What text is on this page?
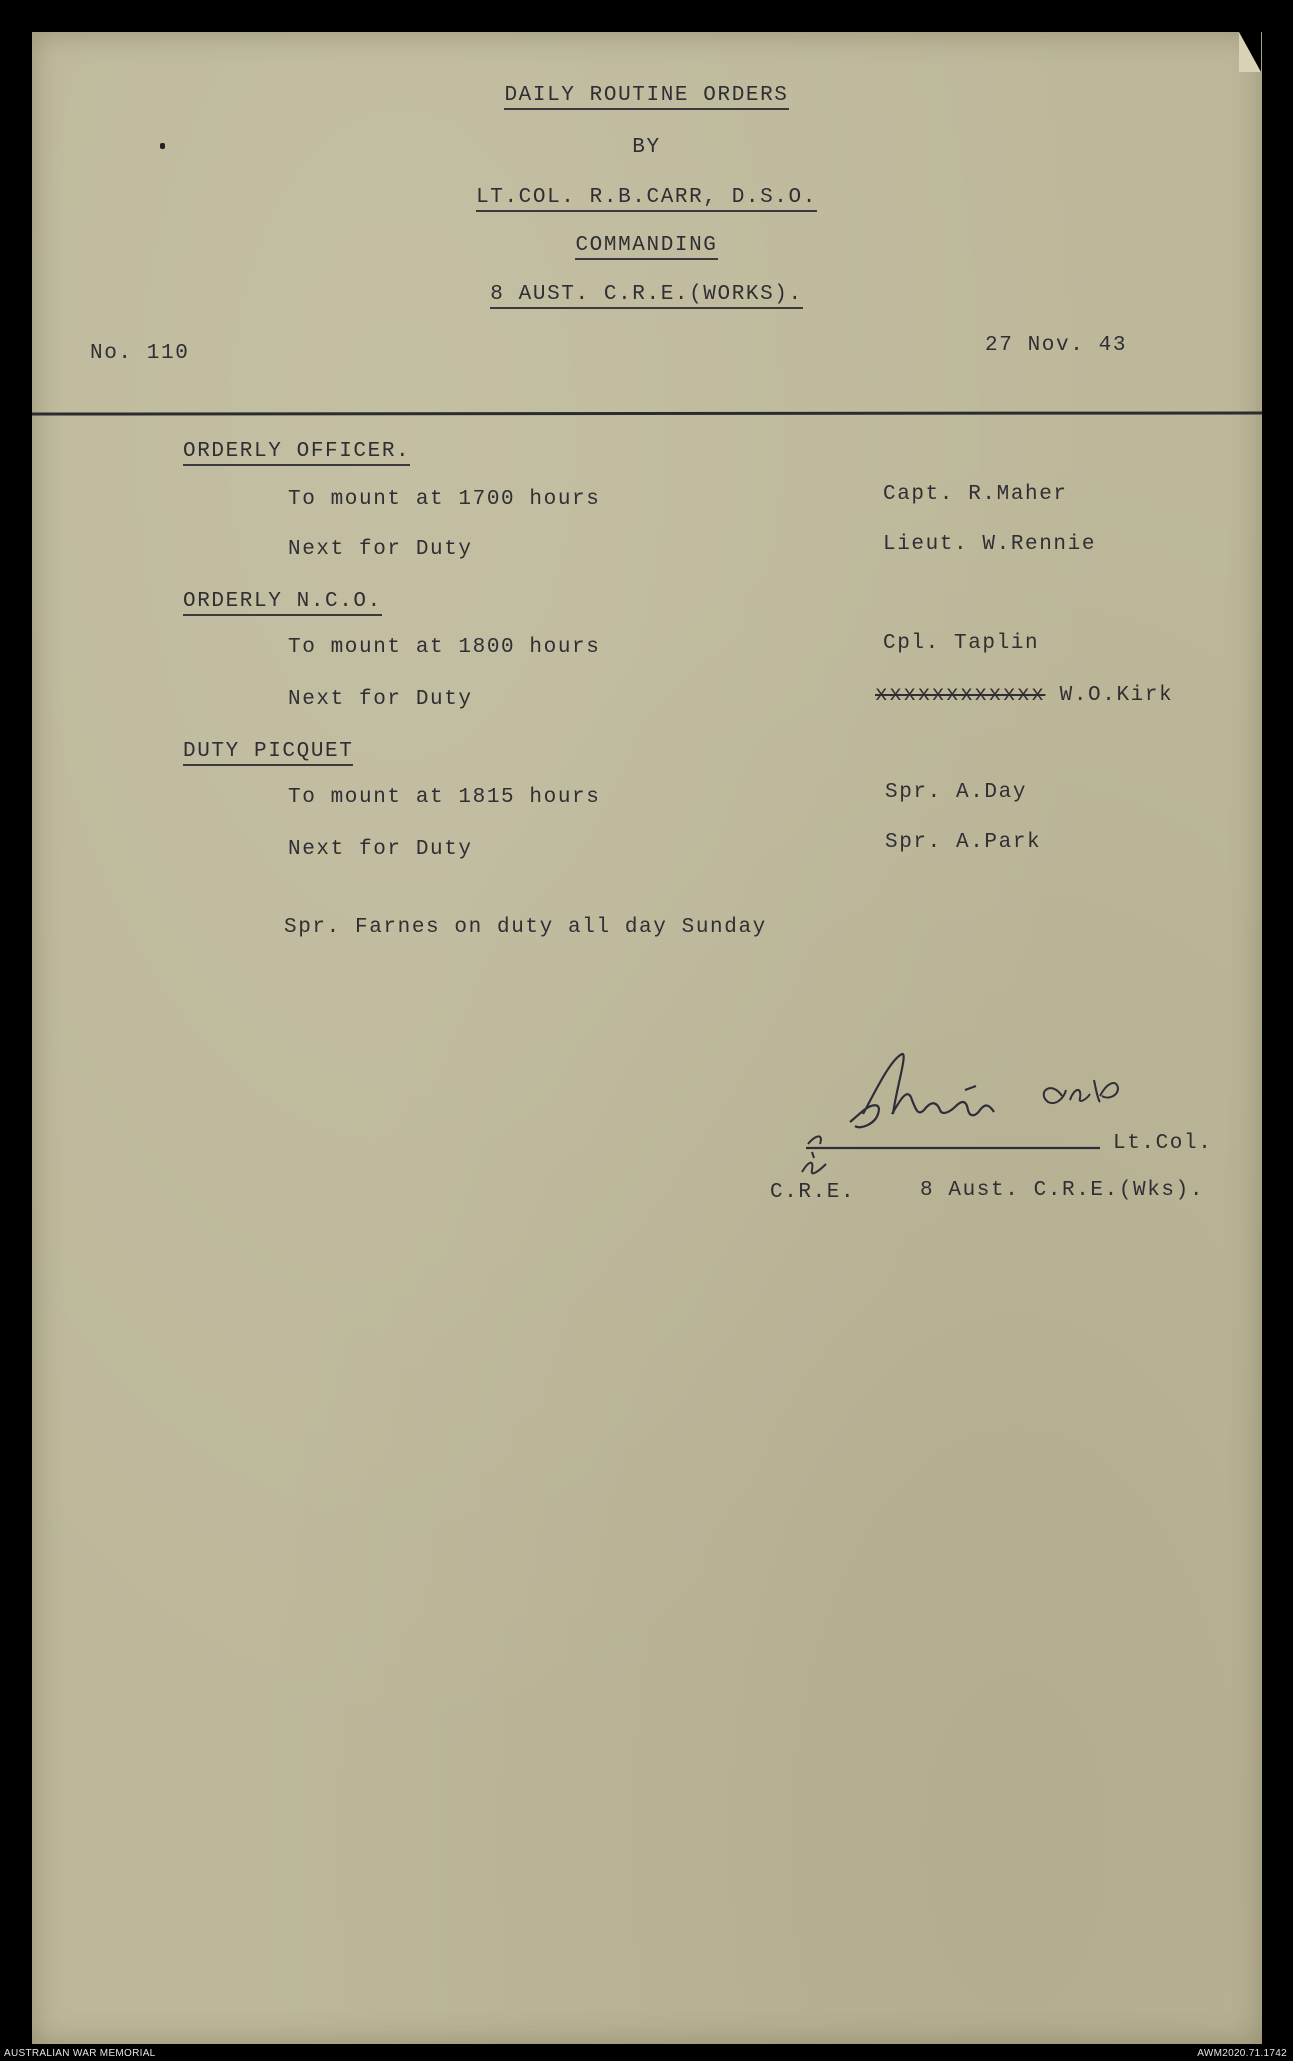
DAILY ROUTINE ORDERS
BY
LT.COL. R.B.CARR, D.S.O.
COMMANDING
8 AUST. C.R.E.(WORKS).
No. 110	27 Nov. 43
ORDERLY OFFICER.
To mount at 1700 hours	Capt. R.Maher
Next for Duty	Lieut. W.Rennie
ORDERLY N.C.O.
To mount at 1800 hours	Cpl. Taplin
Next for Duty	xxxxxxxxxxxx W.O.Kirk
DUTY PICQUET
To mount at 1815 hours	Spr. A.Day
Next for Duty	Spr. A.Park
Spr. Farnes on duty all day Sunday
Lt.Col.
C.R.E.	8 Aust. C.R.E.(Wks).
AUSTRALIAN WAR MEMORIAL	AWM2020.71.1742
